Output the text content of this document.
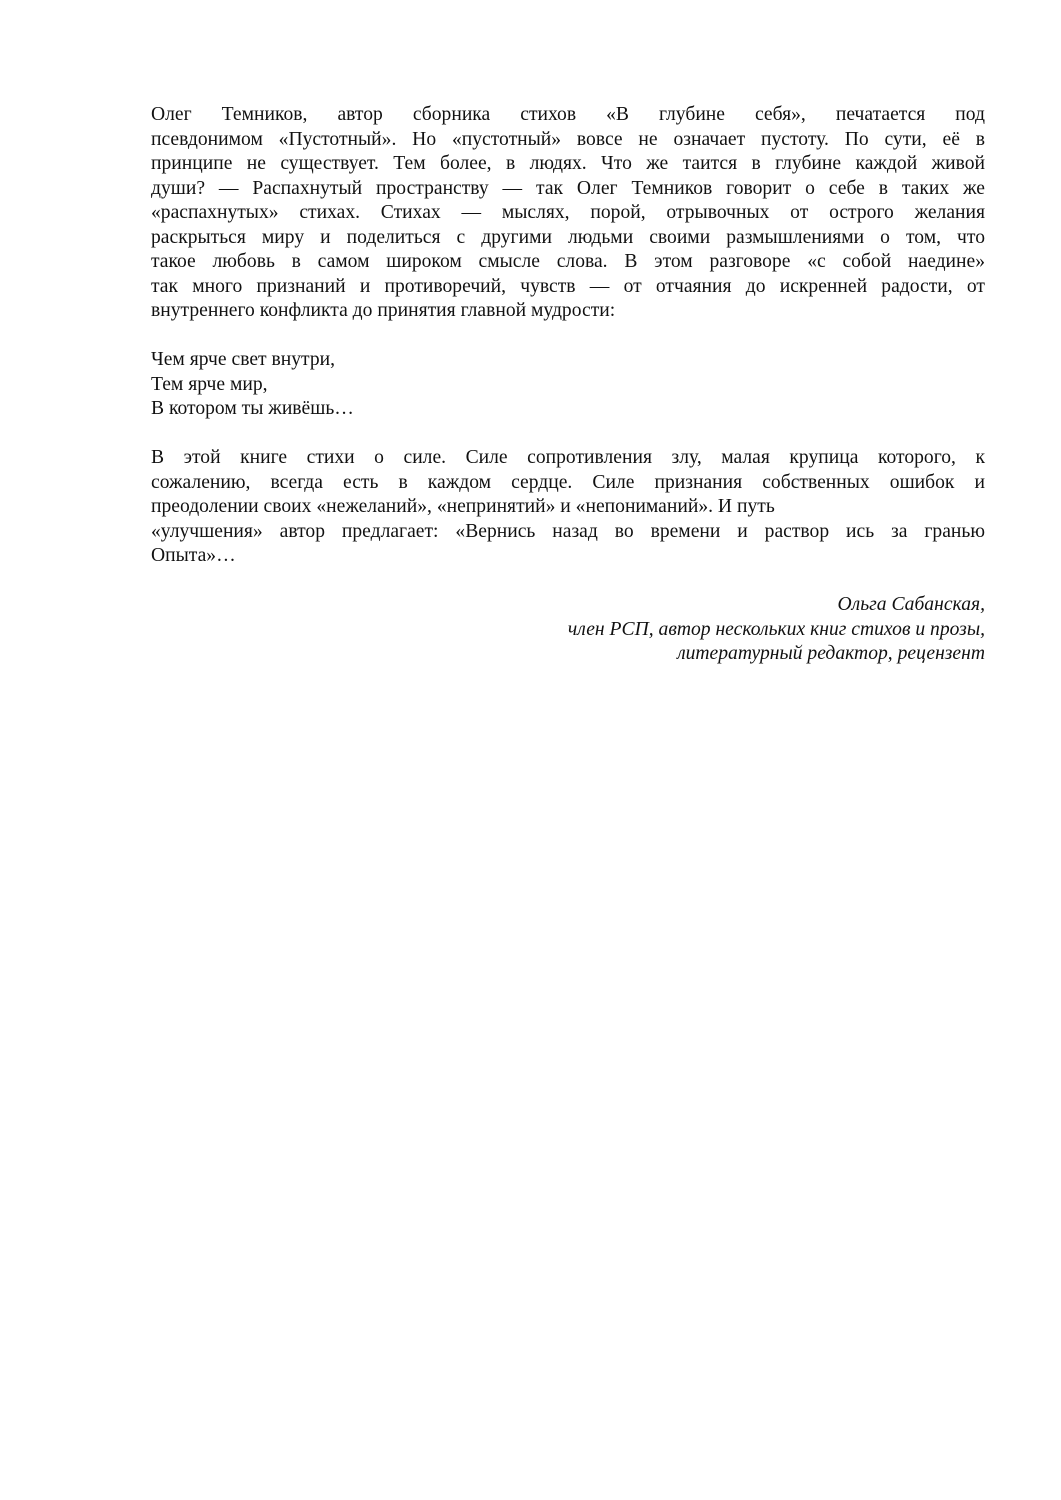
Олег Темников, автор сборника стихов «В глубине себя», печатается под
псевдонимом «Пустотный». Но «пустотный» вовсе не означает пустоту. По сути, её в
принципе не существует. Тем более, в людях. Что же таится в глубине каждой живой
души? — Распахнутый пространству — так Олег Темников говорит о себе в таких же
«распахнутых» стихах. Стихах — мыслях, порой, отрывочных от острого желания
раскрыться миру и поделиться с другими людьми своими размышлениями о том, что
такое любовь в самом широком смысле слова. В этом разговоре «с собой наедине»
так много признаний и противоречий, чувств — от отчаяния до искренней радости, от
внутреннего конфликта до принятия главной мудрости:

Чем ярче свет внутри,
Тем ярче мир,
В котором ты живёшь…

В этой книге стихи о силе. Силе сопротивления злу, малая крупица которого, к
сожалению, всегда есть в каждом сердце. Силе признания собственных ошибок и
преодолении своих «нежеланий», «непринятий» и «непониманий». И путь
«улучшения» автор предлагает: «Вернись назад во времени и раствор ись за гранью
Опыта»…

Ольга Сабанская,
член РСП, автор нескольких книг стихов и прозы,
литературный редактор, рецензент
